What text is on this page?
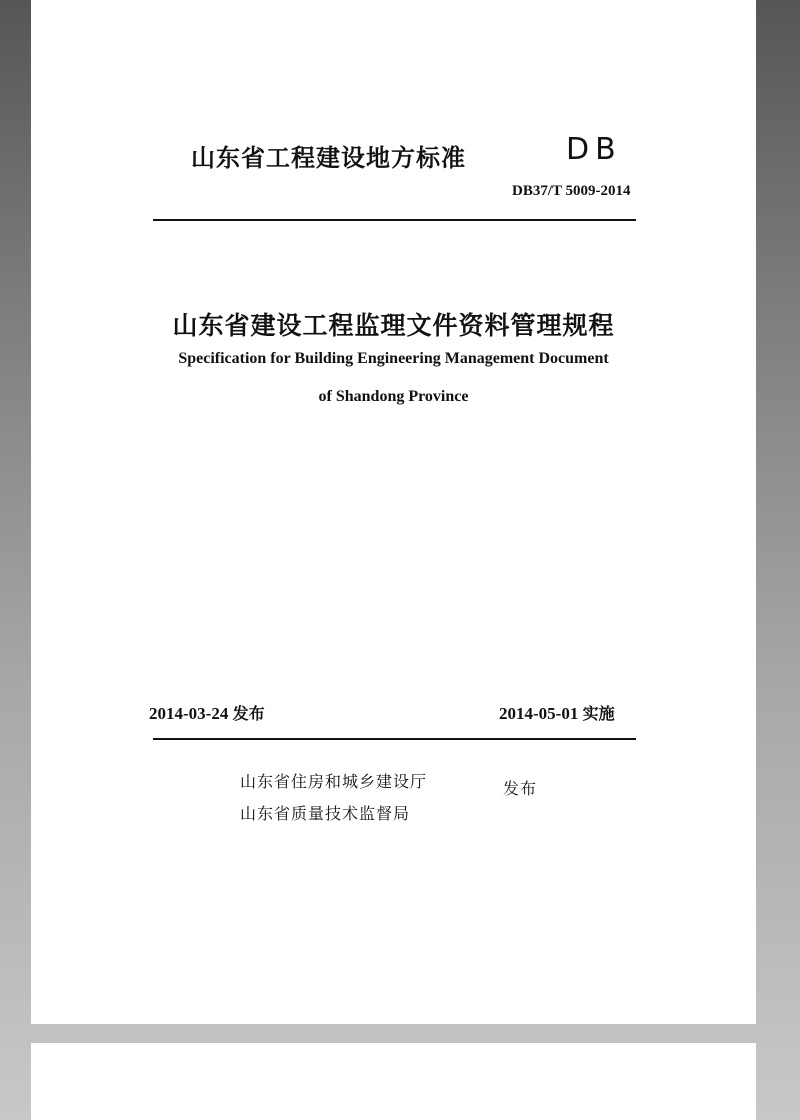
山东省工程建设地方标准	DB
DB37/T 5009-2014
山东省建设工程监理文件资料管理规程
Specification for Building Engineering Management Document
of Shandong Province
2014-03-24 发布	2014-05-01 实施
山东省住房和城乡建设厅
山东省质量技术监督局
发布
